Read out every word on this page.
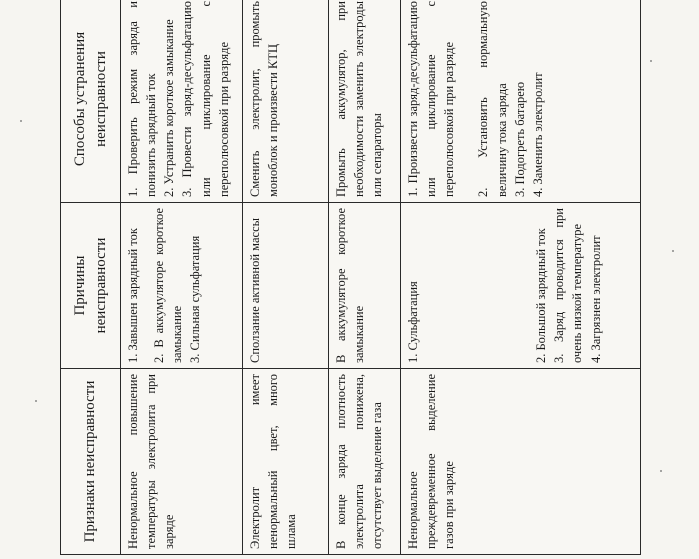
Признаки неисправности	Причины неисправности	Способы устранения неисправности

Ненормальное повышение температуры электролита при заряде	1. Завышен зарядный ток 2. В аккумуляторе короткое замыкание 3. Сильная сульфатация	1. Проверить режим заряда и понизить зарядный ток 2. Устранить короткое замыкание 3. Провести заряд-десульфатацию или циклирование с переполюсовкой при разряде

Электролит имеет ненормальный цвет, много шлама	Сползание активной массы	Сменить электролит, промыть моноблок и произвести КТЦ

В конце заряда плотность электролита понижена, отсутствует выделение газа	В аккумуляторе короткое замыкание	Промыть аккумулятор, при необходимости заменить электроды или сепараторы

Ненормальное преждевременное выделение газов при заряде	1. Сульфатация 2. Большой зарядный ток 3. Заряд проводится при очень низкой температуре 4. Загрязнен электролит	1. Произвести заряд-десульфатацию или циклирование с переполюсовкой при разряде 2. Установить нормальную величину тока заряда 3. Подогреть батарею 4. Заменить электролит
